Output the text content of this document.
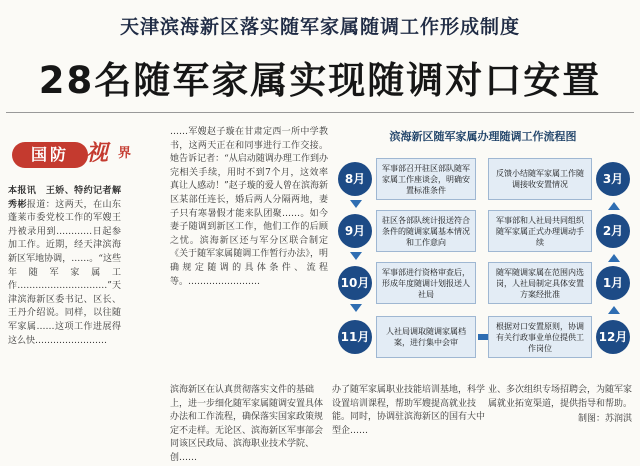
天津滨海新区落实随军家属随调工作形成制度
28名随军家属实现随调对口安置
国防 视 界
本报讯　王娇、特约记者解秀彬报道：这两天，在山东蓬莱市委党校工作的军嫂王丹被录用到…………日起参加工作。近期，经天津滨海新区军地协调，……。“这些年随军家属工作…………………………”天津滨海新区委书记、区长、王丹介绍说。同样，以往随军家属……这项工作进展得这么快……………………
……军嫂赵子璇在甘肃定西一所中学教书，这两天正在和同事进行工作交接。她告诉记者：“从启动随调办理工作到办完相关手续，用时不到7个月，这效率真让人感动！”赵子璇的爱人曾在滨海新区某部任连长，婚后两人分隔两地，妻子只有寒暑假才能来队团聚……。如今妻子随调到新区工作，他们工作的后顾之忧。滨海新区还与军分区联合制定《关于随军家属随调工作暂行办法》，明确规定随调的具体条件、流程等。……………………
滨海新区随军家属办理随调工作流程图
8月
军事部召开驻区部队随军家属工作座谈会，明确安置标准条件
9月
驻区各部队统计报送符合条件的随调家属基本情况和工作意向
10月
军事部进行资格审查后，形成年度随调计划报送人社局
11月	人社局调取随调家属档案，进行集中会审
反馈小结随军家属工作随调接收安置情况	3月
军事部和人社局共同组织随军家属正式办理调动手续
2月
随军随调家属在范围内选岗，人社局制定具体安置方案经批准
1月
根据对口安置原则，协调有关行政事业单位提供工作岗位
12月
滨海新区在认真贯彻落实文件的基础上，进一步细化随军家属随调安置具体办法和工作流程，确保落实国家政策规定不走样。无论区、滨海新区军事部会同该区民政局、滨海职业技术学院、创……
办了随军家属职业技能培训基地，科学设置培训课程，帮助军嫂提高就业技能。同时，协调驻滨海新区的国有大中型企……
业、多次组织专场招聘会，为随军家属就业拓宽渠道，提供指导和帮助。
制图：苏润淇
